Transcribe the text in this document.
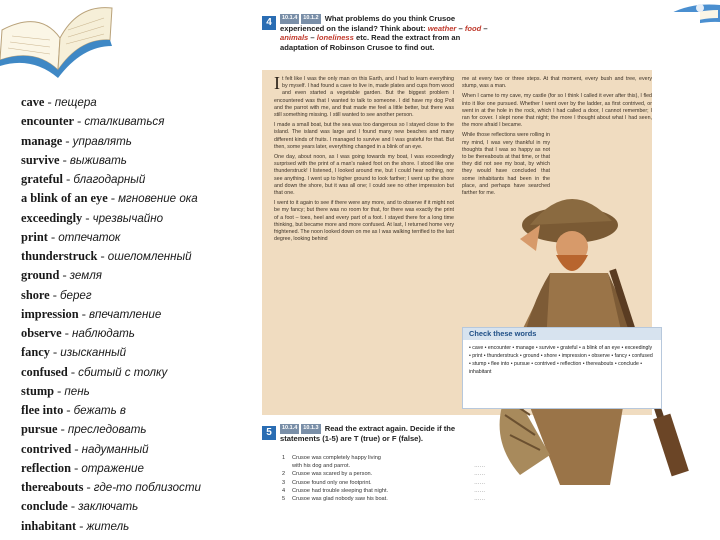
cave - пещера
encounter - сталкиваться
manage - управлять
survive - выживать
grateful - благодарный
a blink of an eye - мгновение ока
exceedingly - чрезвычайно
print - отпечаток
thunderstruck - ошеломленный
ground - земля
shore - берег
impression - впечатление
observe - наблюдать
fancy - изысканный
confused - сбитый с толку
stump - пень
flee into - бежать в
pursue - преследовать
contrived - надуманный
reflection - отражение
thereabouts - где-то поблизости
conclude - заключать
inhabitant - житель
4	10.1.4 10.1.2 What problems do you think Crusoe
experienced on the island? Think about: weather – food –
animals – loneliness etc. Read the extract from an
adaptation of Robinson Crusoe to find out.

It felt like I was the only man on this Earth, and I had to learn everything by myself. I had found a cave to live in, made plates and cups from wood and even started a vegetable garden. But the biggest problem I encountered was that I wanted to talk to someone. I did have my dog Poll and the parrot with me, and that made me feel a little better, but there was still something missing. I still wanted to see another person.

I made a small boat, but the sea was too dangerous so I stayed close to the island. The island was large and I found many new beaches and many different kinds of fruits. I managed to survive and I was grateful for that. But then, some years later, everything changed in a blink of an eye.

One day, about noon, as I was going towards my boat, I was exceedingly surprised with the print of a man's naked foot on the shore. I stood like one thunderstruck! I listened, I looked around me, but I could hear nothing, nor see anything. I went up to higher ground to look farther; I went up the shore and down the shore, but it was all one; I could see no other impression but that one.

I went to it again to see if there were any more, and to observe if it might not be my fancy; but there was no room for that, for there was exactly the print of a foot – toes, heel and every part of a foot. I stayed there for a long time thinking, but became more and more confused. At last, I returned home very frightened. The noon looked down on me as I was walking terrified to the last degree, looking behind

me at every two or three steps. At that moment, every bush and tree, every stump, was a man.

When I came to my cave, my castle (for so I think I called it ever after this), I fled into it like one pursued. Whether I went over by the ladder, as first contrived, or went in at the hole in the rock, which I had called a door, I cannot remember; I ran for cover. I slept none that night; the more I thought about what I had seen, the more afraid I became.

While those reflections were rolling in my mind, I was very thankful in my thoughts that I was so happy as not to be thereabouts at that time, or that they did not see my boat, by which they would have concluded that some inhabitants had been in the place, and perhaps have searched farther for me.

Check these words
• cave • encounter • manage • survive • grateful • a blink of an eye • exceedingly • print • thunderstruck • ground • shore • impression • observe • fancy • confused • stump • flee into • pursue • contrived • reflection • thereabouts • conclude • inhabitant
5	10.1.4 10.1.3 Read the extract again. Decide if the
statements (1-5) are T (true) or F (false).
1 Crusoe was completely happy living
with his dog and parrot.	……
2 Crusoe was scared by a person.	……
3 Crusoe found only one footprint.	……
4 Crusoe had trouble sleeping that night.	……
5 Crusoe was glad nobody saw his boat.	……
